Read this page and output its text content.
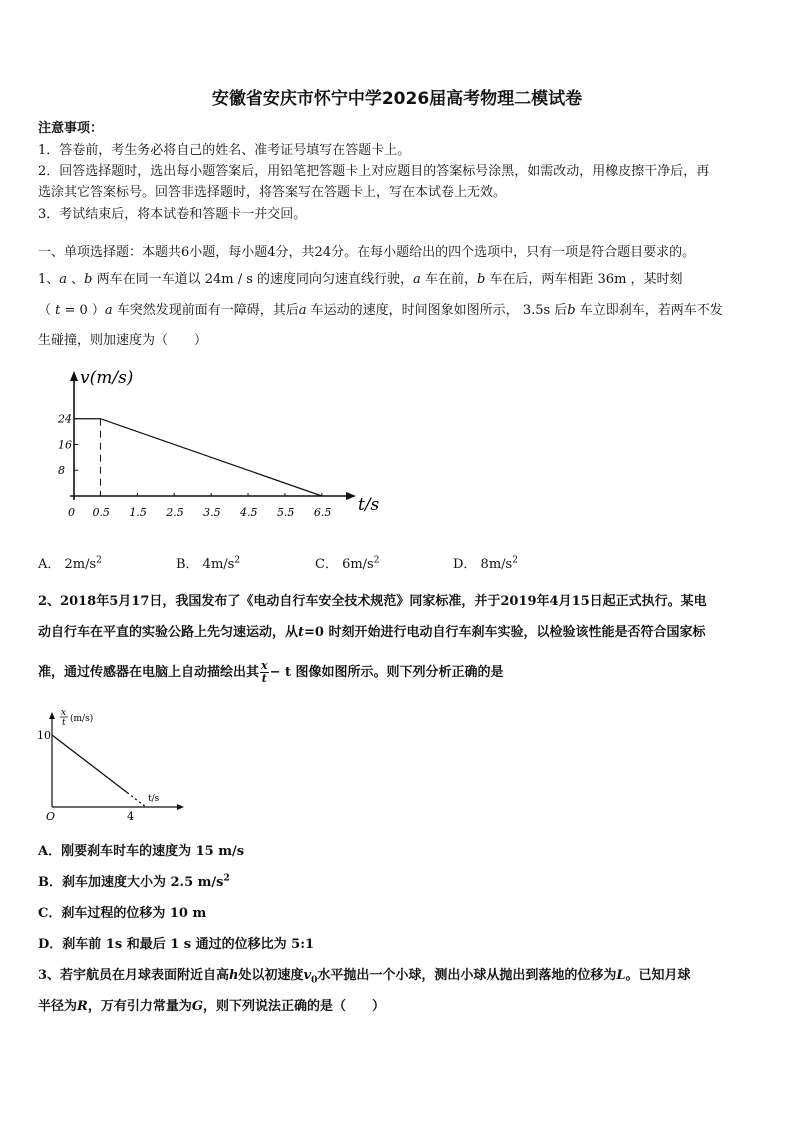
安徽省安庆市怀宁中学2026届高考物理二模试卷
注意事项：
1．答卷前，考生务必将自己的姓名、准考证号填写在答题卡上。
2．回答选择题时，选出每小题答案后，用铅笔把答题卡上对应题目的答案标号涂黑，如需改动，用橡皮擦干净后，再
选涂其它答案标号。回答非选择题时，将答案写在答题卡上，写在本试卷上无效。
3．考试结束后，将本试卷和答题卡一并交回。
一、单项选择题：本题共6小题，每小题4分，共24分。在每小题给出的四个选项中，只有一项是符合题目要求的。
1、𝑎 、𝑏 两车在同一车道以 24m / s 的速度同向匀速直线行驶，𝑎 车在前，𝑏 车在后，两车相距 36m ，某时刻
（ 𝑡 = 0 ）𝑎 车突然发现前面有一障碍，其后𝑎 车运动的速度，时间图象如图所示， 3.5s 后𝑏 车立即刹车，若两车不发
生碰撞，则加速度为（　　）
v(m/s)
t/s
24
16
8
0 0.5 1.5 2.5 3.5 4.5 5.5 6.5
A． $2m/s^2$	B． $4m/s^2$	C． $6m/s^2$	D． $8m/s^2$
2、2018年5月17日，我国发布了《电动自行车安全技术规范》同家标准，并于2019年4月15日起正式执行。某电
动自行车在平直的实验公路上先匀速运动，从t=0 时刻开始进行电动自行车刹车实验，以检验该性能是否符合国家标
准，通过传感器在电脑上自动描绘出其 $\frac{x}{t} - t$ 图像如图所示。则下列分析正确的是
x
t (m/s)
10
O	4
t/s
A．刚要刹车时车的速度为 15 m/s
B．刹车加速度大小为 2.5 $m/s^2$
C．刹车过程的位移为 10 m
D．刹车前 1s 和最后 1 s 通过的位移比为 5:1
3、若宇航员在月球表面附近自高h处以初速度$v_0$水平抛出一个小球，测出小球从抛出到落地的位移为L。已知月球
半径为R，万有引力常量为G，则下列说法正确的是（　　）
